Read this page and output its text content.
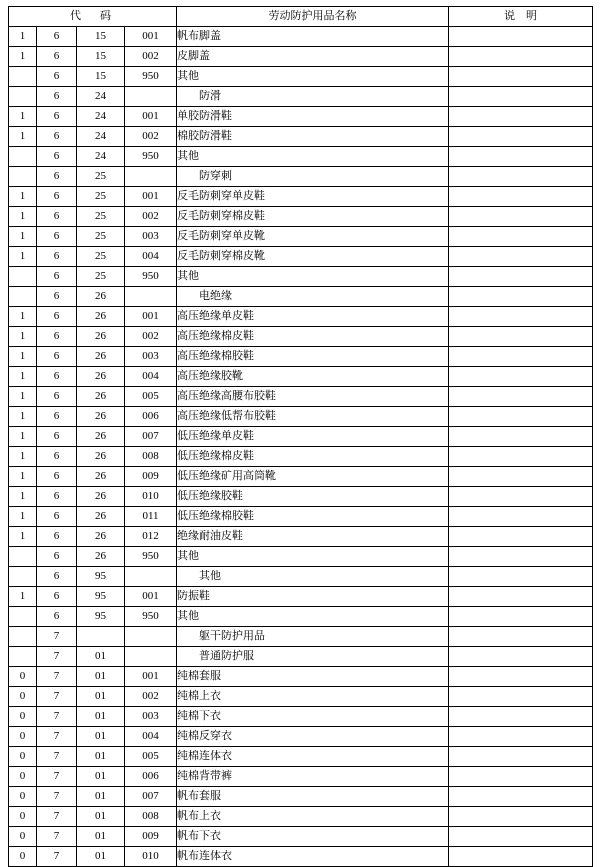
代　码				劳动防护用品名称	说　明
1	6	15	001	帆布脚盖	
1	6	15	002	皮脚盖	
	6	15	950	其他	
	6	24		防滑	
1	6	24	001	单胶防滑鞋	
1	6	24	002	棉胶防滑鞋	
	6	24	950	其他	
	6	25		防穿刺	
1	6	25	001	反毛防刺穿单皮鞋	
1	6	25	002	反毛防刺穿棉皮鞋	
1	6	25	003	反毛防刺穿单皮靴	
1	6	25	004	反毛防刺穿棉皮靴	
	6	25	950	其他	
	6	26		电绝缘	
1	6	26	001	高压绝缘单皮鞋	
1	6	26	002	高压绝缘棉皮鞋	
1	6	26	003	高压绝缘棉胶鞋	
1	6	26	004	高压绝缘胶靴	
1	6	26	005	高压绝缘高腰布胶鞋	
1	6	26	006	高压绝缘低帮布胶鞋	
1	6	26	007	低压绝缘单皮鞋	
1	6	26	008	低压绝缘棉皮鞋	
1	6	26	009	低压绝缘矿用高筒靴	
1	6	26	010	低压绝缘胶鞋	
1	6	26	011	低压绝缘棉胶鞋	
1	6	26	012	绝缘耐油皮鞋	
	6	26	950	其他	
	6	95		其他	
1	6	95	001	防振鞋	
	6	95	950	其他	
	7			躯干防护用品	
	7	01		普通防护服	
0	7	01	001	纯棉套服	
0	7	01	002	纯棉上衣	
0	7	01	003	纯棉下衣	
0	7	01	004	纯棉反穿衣	
0	7	01	005	纯棉连体衣	
0	7	01	006	纯棉背带裤	
0	7	01	007	帆布套服	
0	7	01	008	帆布上衣	
0	7	01	009	帆布下衣	
0	7	01	010	帆布连体衣	
